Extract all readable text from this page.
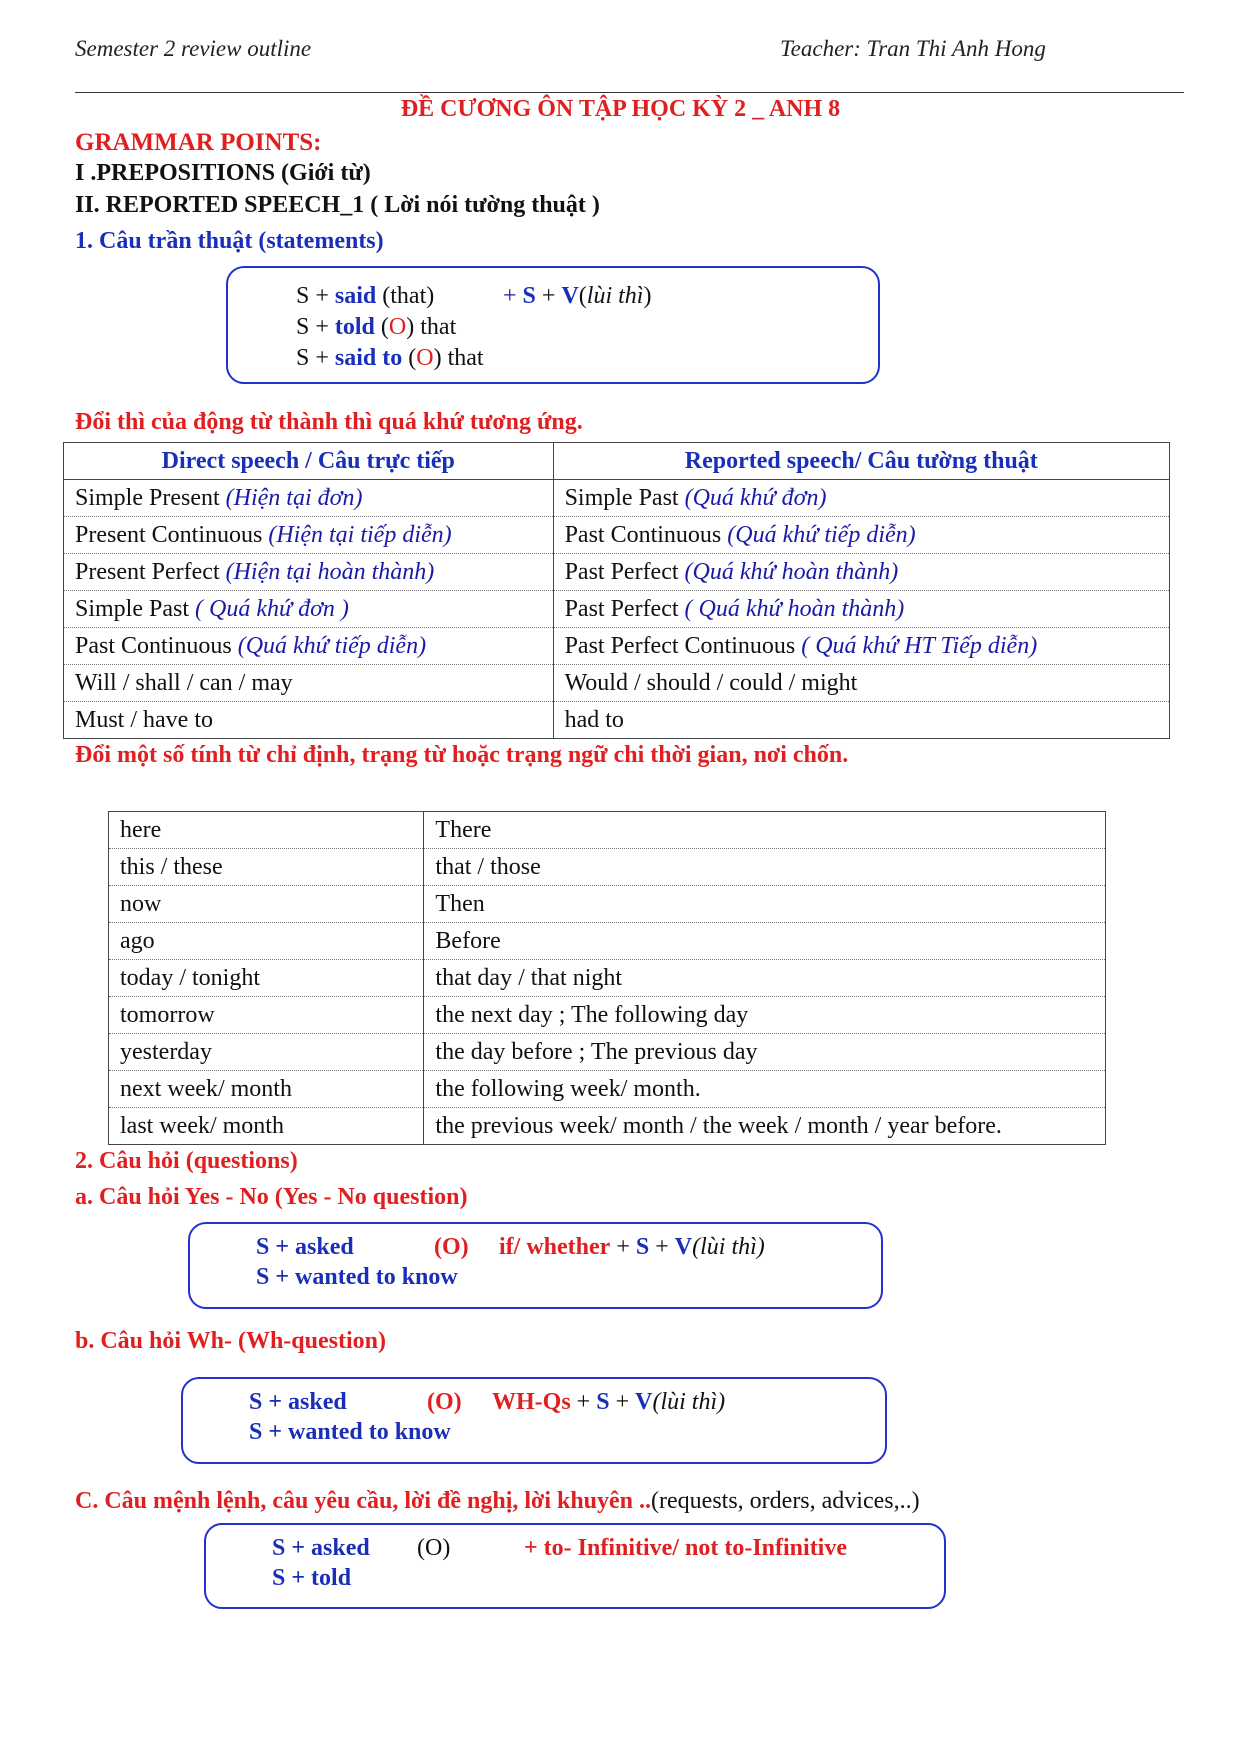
Semester 2 review outline	Teacher: Tran Thi Anh Hong
ĐỀ CƯƠNG ÔN TẬP HỌC KỲ 2 _ ANH 8
GRAMMAR POINTS:
I .PREPOSITIONS (Giới từ)
II. REPORTED SPEECH_1 ( Lời nói tường thuật )
1. Câu trần thuật (statements)
S + said (that)	+ S + V(lùi thì)
S + told (O) that
S + said to (O) that
Đổi thì của động từ thành thì quá khứ tương ứng.
Direct speech / Câu trực tiếp	Reported speech/ Câu tường thuật
Simple Present (Hiện tại đơn)	Simple Past (Quá khứ đơn)
Present Continuous (Hiện tại tiếp diễn)	Past Continuous (Quá khứ tiếp diễn)
Present Perfect (Hiện tại hoàn thành)	Past Perfect (Quá khứ hoàn thành)
Simple Past ( Quá khứ đơn )	Past Perfect ( Quá khứ hoàn thành)
Past Continuous (Quá khứ tiếp diễn)	Past Perfect Continuous ( Quá khứ HT Tiếp diễn)
Will / shall / can / may	Would / should / could / might
Must / have to	had to
Đổi một số tính từ chỉ định, trạng từ hoặc trạng ngữ chi thời gian, nơi chốn.
here	There
this / these	that / those
now	Then
ago	Before
today / tonight	that day / that night
tomorrow	the next day ; The following day
yesterday	the day before ; The previous day
next week/ month	the following week/ month.
last week/ month	the previous week/ month / the week / month / year before.
2. Câu hỏi (questions)
a. Câu hỏi Yes - No (Yes - No question)
S + asked	(O) if/ whether + S + V(lùi thì)
S + wanted to know
b. Câu hỏi Wh- (Wh-question)
S + asked	(O) WH-Qs + S + V(lùi thì)
S + wanted to know
C. Câu mệnh lệnh, câu yêu cầu, lời đề nghị, lời khuyên ..(requests, orders, advices,..)
S + asked (O)	+ to- Infinitive/ not to-Infinitive
S + told
